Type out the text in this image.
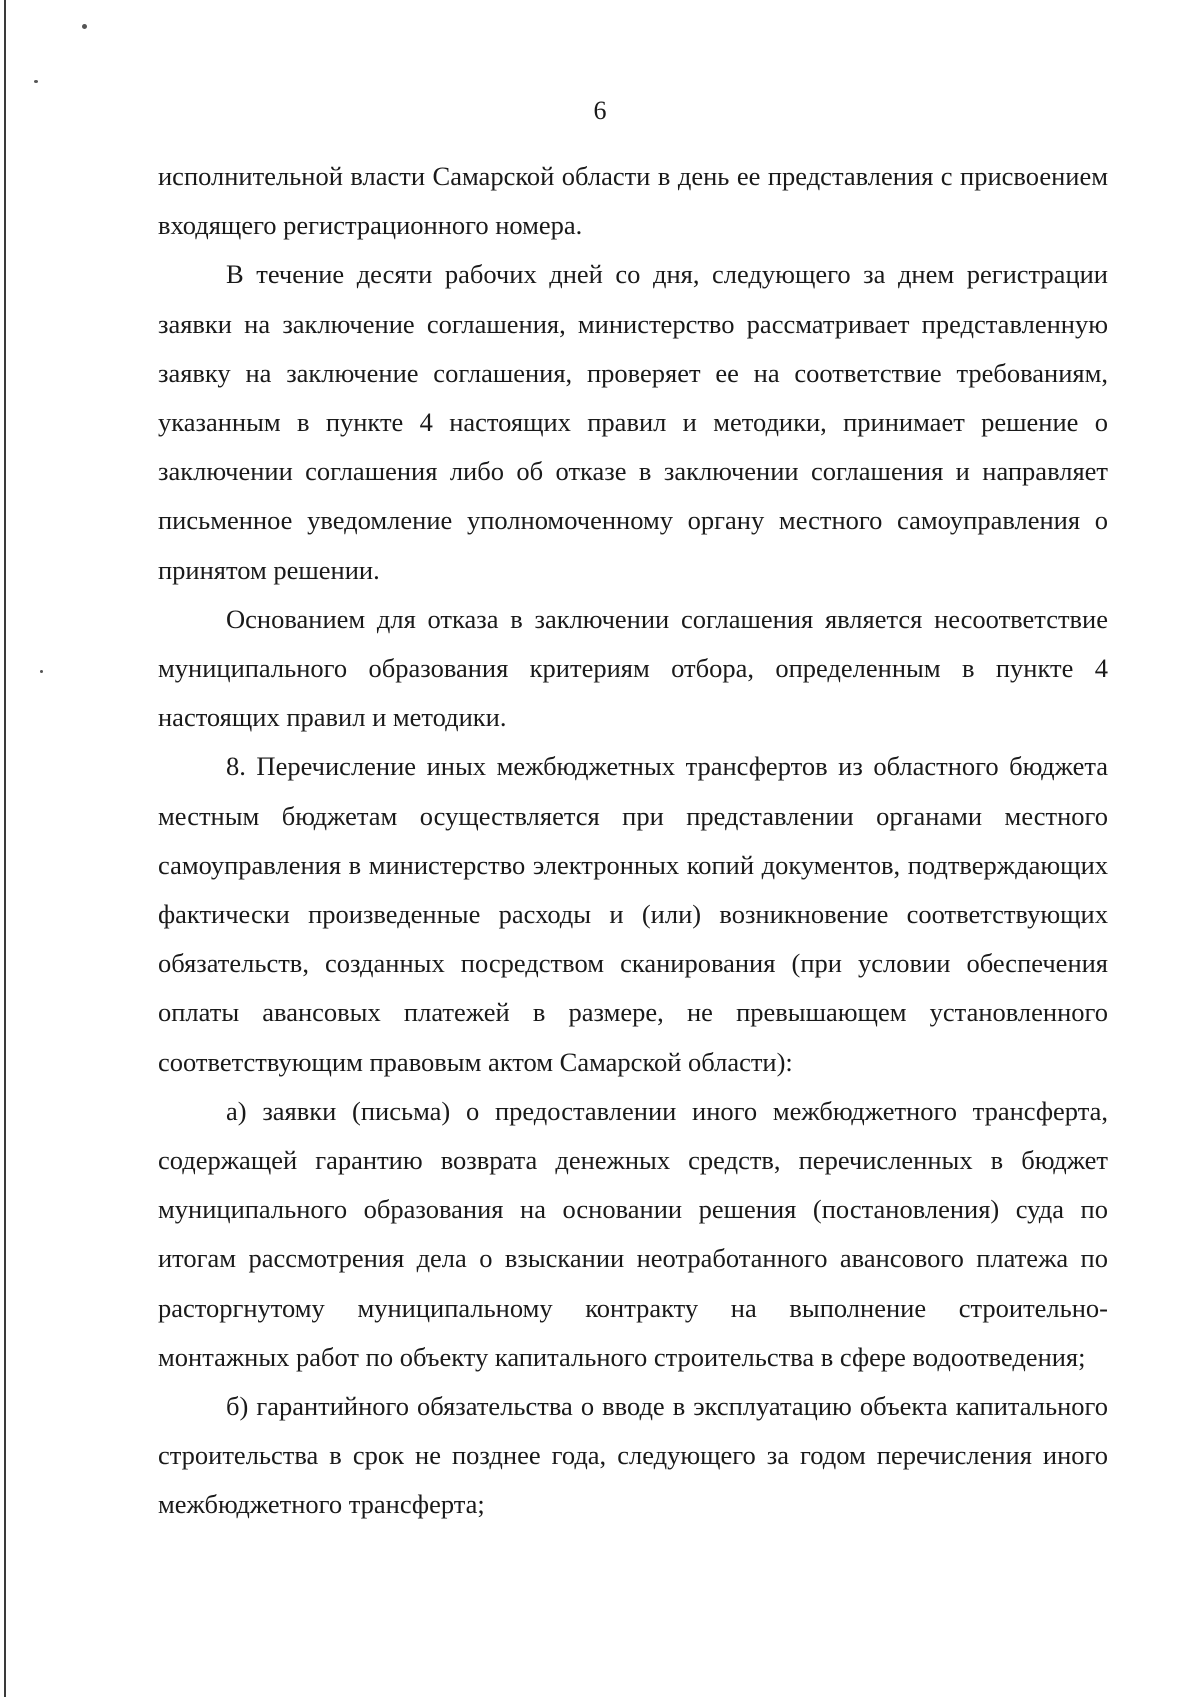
6

исполнительной власти Самарской области в день ее представления с присвоением входящего регистрационного номера.

В течение десяти рабочих дней со дня, следующего за днем регистрации заявки на заключение соглашения, министерство рассматривает представленную заявку на заключение соглашения, проверяет ее на соответствие требованиям, указанным в пункте 4 настоящих правил и методики, принимает решение о заключении соглашения либо об отказе в заключении соглашения и направляет письменное уведомление уполномоченному органу местного самоуправления о принятом решении.

Основанием для отказа в заключении соглашения является несоответствие муниципального образования критериям отбора, определенным в пункте 4 настоящих правил и методики.

8. Перечисление иных межбюджетных трансфертов из областного бюджета местным бюджетам осуществляется при представлении органами местного самоуправления в министерство электронных копий документов, подтверждающих фактически произведенные расходы и (или) возникновение соответствующих обязательств, созданных посредством сканирования (при условии обеспечения оплаты авансовых платежей в размере, не превышающем установленного соответствующим правовым актом Самарской области):

а) заявки (письма) о предоставлении иного межбюджетного трансферта, содержащей гарантию возврата денежных средств, перечисленных в бюджет муниципального образования на основании решения (постановления) суда по итогам рассмотрения дела о взыскании неотработанного авансового платежа по расторгнутому муниципальному контракту на выполнение строительно-монтажных работ по объекту капитального строительства в сфере водоотведения;

б) гарантийного обязательства о вводе в эксплуатацию объекта капитального строительства в срок не позднее года, следующего за годом перечисления иного межбюджетного трансферта;
